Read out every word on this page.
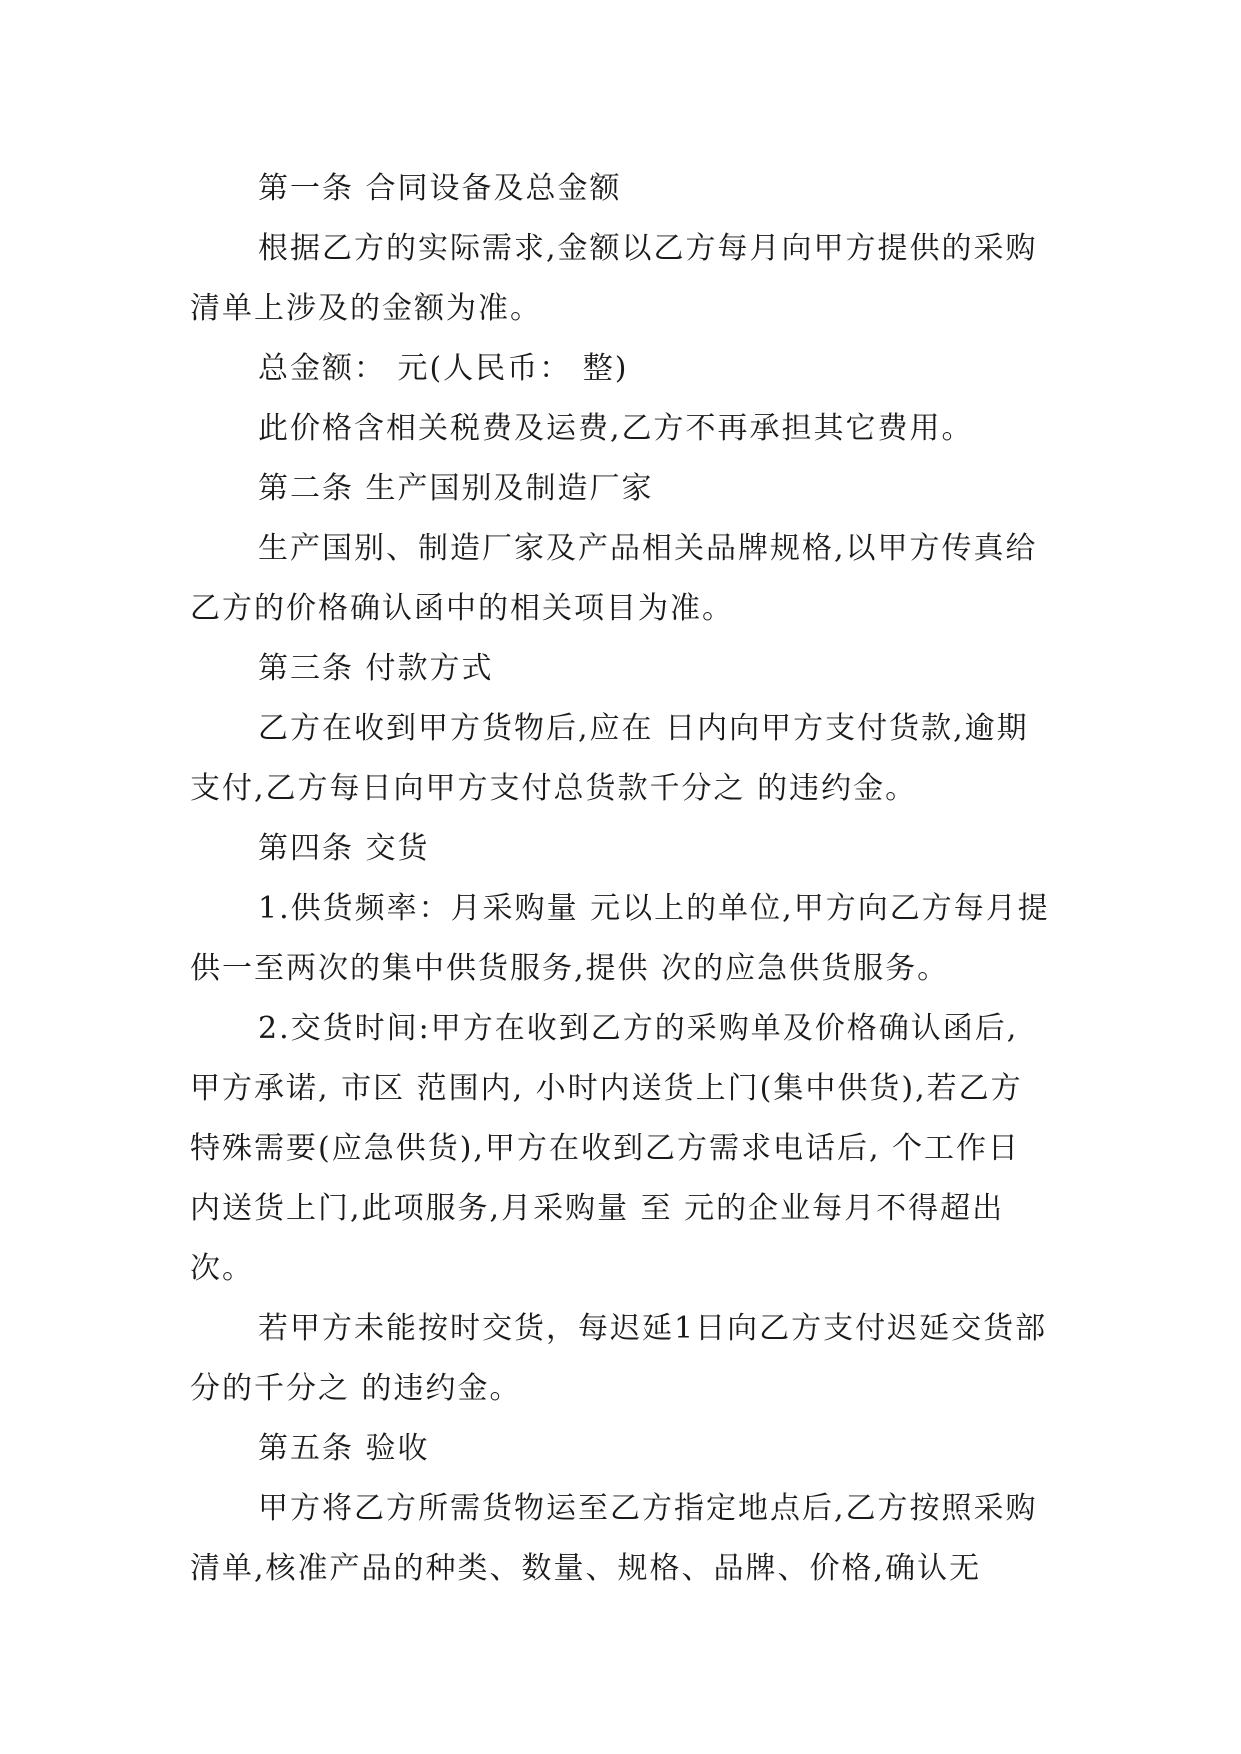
第一条 合同设备及总金额

根据乙方的实际需求,金额以乙方每月向甲方提供的采购清单上涉及的金额为准。

总金额： 元(人民币： 整)

此价格含相关税费及运费,乙方不再承担其它费用。

第二条 生产国别及制造厂家

生产国别、制造厂家及产品相关品牌规格,以甲方传真给乙方的价格确认函中的相关项目为准。

第三条 付款方式

乙方在收到甲方货物后,应在 日内向甲方支付货款,逾期支付,乙方每日向甲方支付总货款千分之 的违约金。

第四条 交货

1.供货频率：月采购量 元以上的单位,甲方向乙方每月提供一至两次的集中供货服务,提供 次的应急供货服务。

2.交货时间:甲方在收到乙方的采购单及价格确认函后,甲方承诺, 市区 范围内, 小时内送货上门(集中供货),若乙方特殊需要(应急供货),甲方在收到乙方需求电话后, 个工作日内送货上门,此项服务,月采购量 至 元的企业每月不得超出 次。

若甲方未能按时交货，每迟延1日向乙方支付迟延交货部分的千分之 的违约金。

第五条 验收

甲方将乙方所需货物运至乙方指定地点后,乙方按照采购清单,核准产品的种类、数量、规格、品牌、价格,确认无
